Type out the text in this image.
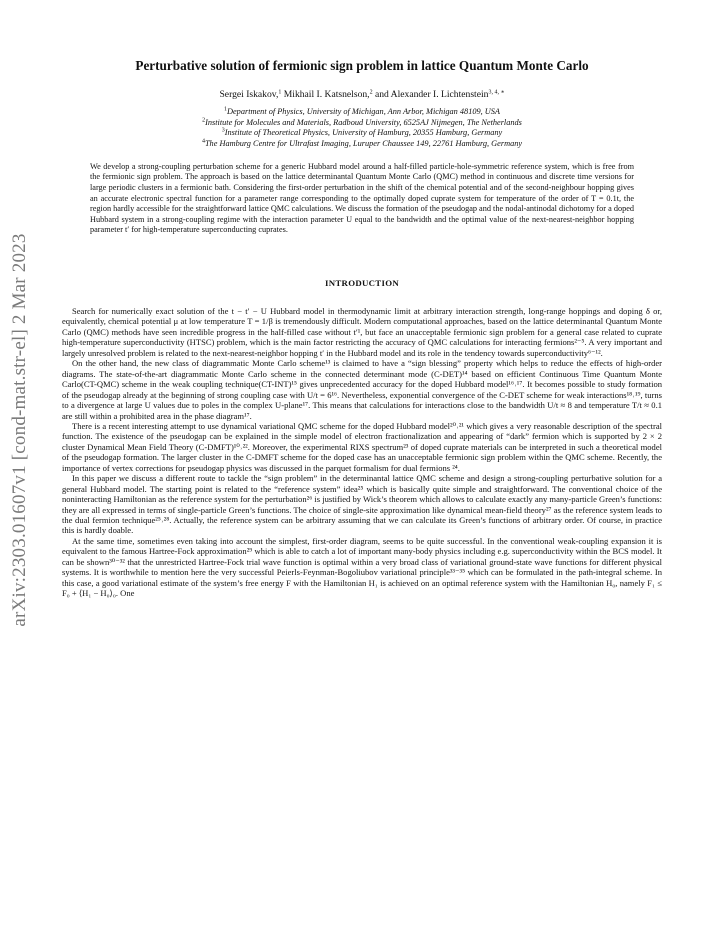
arXiv:2303.01607v1 [cond-mat.str-el] 2 Mar 2023
Perturbative solution of fermionic sign problem in lattice Quantum Monte Carlo
Sergei Iskakov,$^1$ Mikhail I. Katsnelson,$^2$ and Alexander I. Lichtenstein$^{3, 4, ∗}$
$^1$Department of Physics, University of Michigan, Ann Arbor, Michigan 48109, USA
$^2$Institute for Molecules and Materials, Radboud University, 6525AJ Nijmegen, The Netherlands
$^3$Institute of Theoretical Physics, University of Hamburg, 20355 Hamburg, Germany
$^4$The Hamburg Centre for Ultrafast Imaging, Luruper Chaussee 149, 22761 Hamburg, Germany

We develop a strong-coupling perturbation scheme for a generic Hubbard model around a half-filled particle-hole-symmetric reference system, which is free from the fermionic sign problem. The approach is based on the lattice determinantal Quantum Monte Carlo (QMC) method in continuous and discrete time versions for large periodic clusters in a fermionic bath. Considering the first-order perturbation in the shift of the chemical potential and of the second-neighbour hopping gives an accurate electronic spectral function for a parameter range corresponding to the optimally doped cuprate system for temperature of the order of T = 0.1t, the region hardly accessible for the straightforward lattice QMC calculations. We discuss the formation of the pseudogap and the nodal-antinodal dichotomy for a doped Hubbard system in a strong-coupling regime with the interaction parameter U equal to the bandwidth and the optimal value of the next-nearest-neighbor hopping parameter t′ for high-temperature superconducting cuprates.

INTRODUCTION

Search for numerically exact solution of the t − t′ − U Hubbard model in thermodynamic limit at arbitrary interaction strength, long-range hoppings and doping δ or, equivalently, chemical potential μ at low temperature T = 1/β is tremendously difficult. Modern computational approaches, based on the lattice determinantal Quantum Monte Carlo (QMC) methods have seen incredible progress in the half-filled case without t′¹, but face an unacceptable fermionic sign problem for a general case related to cuprate high-temperature superconductivity (HTSC) problem, which is the main factor restricting the accuracy of QMC calculations for interacting fermions²⁻⁵. A very important and largely unresolved problem is related to the next-nearest-neighbor hopping t′ in the Hubbard model and its role in the tendency towards superconductivity⁶⁻¹².

On the other hand, the new class of diagrammatic Monte Carlo scheme¹³ is claimed to have a “sign blessing” property which helps to reduce the effects of high-order diagrams. The state-of-the-art diagrammatic Monte Carlo scheme in the connected determinant mode (C-DET)¹⁴ based on efficient Continuous Time Quantum Monte Carlo(CT-QMC) scheme in the weak coupling technique(CT-INT)¹⁵ gives unprecedented accuracy for the doped Hubbard model¹⁶˒¹⁷. It becomes possible to study formation of the pseudogap already at the beginning of strong coupling case with U/t = 6¹⁶. Nevertheless, exponential convergence of the C-DET scheme for weak interactions¹⁸˒¹⁹, turns to a divergence at large U values due to poles in the complex U-plane¹⁷. This means that calculations for interactions close to the bandwidth U/t ≈ 8 and temperature T/t ≈ 0.1 are still within a prohibited area in the phase diagram¹⁷.

There is a recent interesting attempt to use dynamical variational QMC scheme for the doped Hubbard model²⁰˒²¹ which gives a very reasonable description of the spectral function. The existence of the pseudogap can be explained in the simple model of electron fractionalization and appearing of “dark” fermion which is supported by 2 × 2 cluster Dynamical Mean Field Theory (C-DMFT)¹⁰˒²². Moreover, the experimental RIXS spectrum²³ of doped cuprate materials can be interpreted in such a theoretical model of the pseudogap formation. The larger cluster in the C-DMFT scheme for the doped case has an unacceptable fermionic sign problem within the QMC scheme. Recently, the importance of vertex corrections for pseudogap physics was discussed in the parquet formalism for dual fermions ²⁴.

In this paper we discuss a different route to tackle the “sign problem” in the determinantal lattice QMC scheme and design a strong-coupling perturbative solution for a general Hubbard model. The starting point is related to the “reference system” idea²⁵ which is basically quite simple and straightforward. The conventional choice of the noninteracting Hamiltonian as the reference system for the perturbation²⁶ is justified by Wick’s theorem which allows to calculate exactly any many-particle Green’s functions: they are all expressed in terms of single-particle Green’s functions. The choice of single-site approximation like dynamical mean-field theory²⁷ as the reference system leads to the dual fermion technique²⁵˒²⁸. Actually, the reference system can be arbitrary assuming that we can calculate its Green’s functions of arbitrary order. Of course, in practice this is hardly doable.

At the same time, sometimes even taking into account the simplest, first-order diagram, seems to be quite successful. In the conventional weak-coupling expansion it is equivalent to the famous Hartree-Fock approximation²⁹ which is able to catch a lot of important many-body physics including e.g. superconductivity within the BCS model. It can be shown³⁰⁻³² that the unrestricted Hartree-Fock trial wave function is optimal within a very broad class of variational ground-state wave functions for different physical systems. It is worthwhile to mention here the very successful Peierls-Feynman-Bogoliubov variational principle³³⁻³⁵ which can be formulated in the path-integral scheme. In this case, a good variational estimate of the system’s free energy F with the Hamiltonian H₁ is achieved on an optimal reference system with the Hamiltonian H₀, namely F₁ ≤ F₀ + ⟨H₁ − H₀⟩₀. One
